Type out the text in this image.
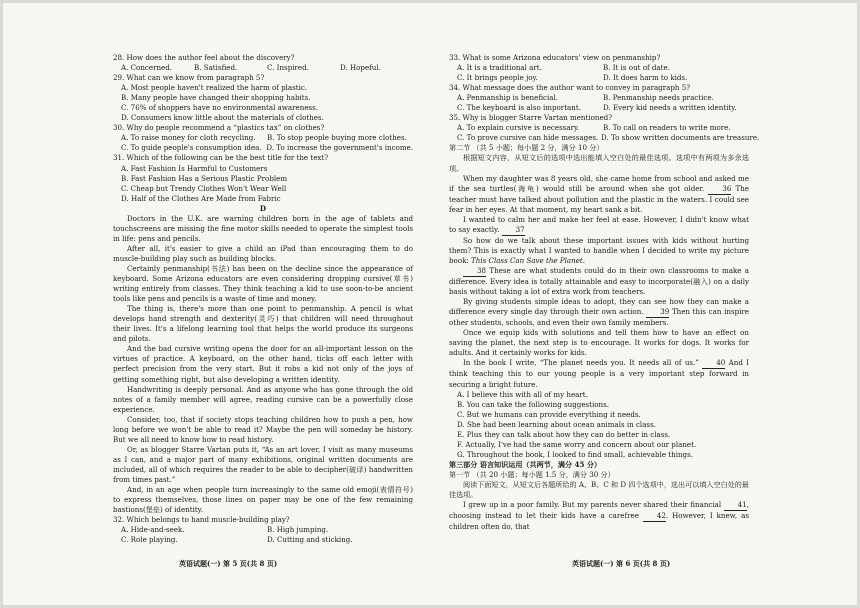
28. How does the author feel about the discovery?

A. Concerned.	B. Satisfied.	C. Inspired.	D. Hopeful.

29. What can we know from paragraph 5?

A. Most people haven't realized the harm of plastic.

B. Many people have changed their shopping habits.

C. 76% of shoppers have no environmental awareness.

D. Consumers know little about the materials of clothes.

30. Why do people recommend a “plastics tax” on clothes?

A. To raise money for cloth recycling.	B. To stop people buying more clothes.
C. To guide people's consumption idea. D. To increase the government's income.

31. Which of the following can be the best title for the text?

A. Fast Fashion Is Harmful to Customers

B. Fast Fashion Has a Serious Plastic Problem

C. Cheap but Trendy Clothes Won't Wear Well

D. Half of the Clothes Are Made from Fabric

D

Doctors in the U.K. are warning children born in the age of tablets and touchscreens are missing the fine motor skills needed to operate the simplest tools in life: pens and pencils.

After all, it's easier to give a child an iPad than encouraging them to do muscle-building play such as building blocks.

Certainly penmanship(书法) has been on the decline since the appearance of keyboard. Some Arizona educators are even considering dropping cursive(草书) writing entirely from classes. They think teaching a kid to use soon-to-be ancient tools like pens and pencils is a waste of time and money.

The thing is, there's more than one point to penmanship. A pencil is what develops hand strength and dexterity(灵巧) that children will need throughout their lives. It's a lifelong learning tool that helps the world produce its surgeons and pilots.

And the bad cursive writing opens the door for an all-important lesson on the virtues of practice. A keyboard, on the other hand, ticks off each letter with perfect precision from the very start. But it robs a kid not only of the joys of getting something right, but also developing a written identity.

Handwriting is deeply personal. And as anyone who has gone through the old notes of a family member will agree, reading cursive can be a powerfully close experience.

Consider, too, that if society stops teaching children how to push a pen, how long before we won't be able to read it? Maybe the pen will someday be history. But we all need to know how to read history.

Or, as blogger Starre Vartan puts it, “As an art lover, I visit as many museums as I can, and a major part of many exhibitions, original written documents are included, all of which requires the reader to be able to decipher(破译) handwritten from times past.”

And, in an age when people turn increasingly to the same old emoji(表情符号) to express themselves, those lines on paper may be one of the few remaining bastions(堡垒) of identity.

32. Which belongs to hand muscle-building play?

A. Hide-and-seek.	B. High jumping.
C. Role playing.	D. Cutting and sticking.

33. What is some Arizona educators' view on penmanship?

A. It is a traditional art.	B. It is out of date.
C. It brings people joy.	D. It does harm to kids.

34. What message does the author want to convey in paragraph 5?

A. Penmanship is beneficial.	B. Penmanship needs practice.
C. The keyboard is also important.	D. Every kid needs a written identity.

35. Why is blogger Starre Vartan mentioned?

A. To explain cursive is necessary.	B. To call on readers to write more.
C. To prove cursive can hide messages. D. To show written documents are treasure.

第二节 （共 5 小题；每小题 2 分，满分 10 分）

根据短文内容，从短文后的选项中选出能填入空白处的最佳选项。选项中有两项为多余选项。

When my daughter was 8 years old, she came home from school and asked me if the sea turtles(海龟) would still be around when she got older.	36 The teacher must have talked about pollution and the plastic in the waters. I could see fear in her eyes. At that moment, my heart sank a bit.

I wanted to calm her and make her feel at ease. However, I didn't know what to say exactly. 37

So how do we talk about these important issues with kids without hurting them? This is exactly what I wanted to handle when I decided to write my picture book: This Class Can Save the Planet.

38 These are what students could do in their own classrooms to make a difference. Every idea is totally attainable and easy to incorporate(融入) on a daily basis without taking a lot of extra work from teachers.

By giving students simple ideas to adopt, they can see how they can make a difference every single day through their own action. 39 Then this can inspire other students, schools, and even their own family members.

Once we equip kids with solutions and tell them how to have an effect on saving the planet, the next step is to encourage. It works for dogs. It works for adults. And it certainly works for kids.

In the book I write, “The planet needs you. It needs all of us.” 40 And I think teaching this to our young people is a very important step forward in securing a bright future.

A. I believe this with all of my heart.

B. You can take the following suggestions.

C. But we humans can provide everything it needs.

D. She had been learning about ocean animals in class.

E. Plus they can talk about how they can do better in class.

F. Actually, I've had the same worry and concern about our planet.

G. Throughout the book, I looked to find small, achievable things.

第三部分 语言知识运用（共两节，满分 45 分）

第一节 （共 20 小题；每小题 1.5 分，满分 30 分）

阅读下面短文，从短文后各题所给的 A、B、C 和 D 四个选项中，选出可以填入空白处的最佳选项。

I grew up in a poor family. But my parents never shared their financial 41, choosing instead to let their kids have a carefree	42. However, I knew, as children often do, that

英语试题(一) 第 5 页(共 8 页)	英语试题(一) 第 6 页(共 8 页)
